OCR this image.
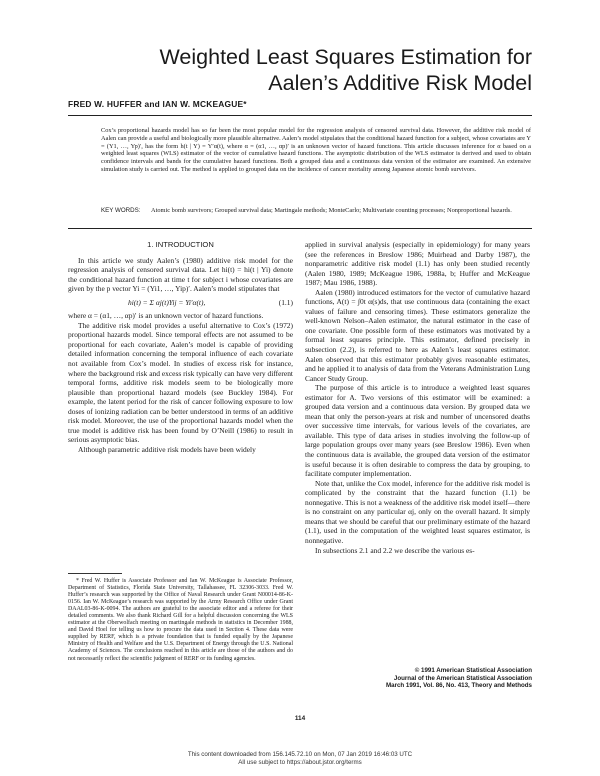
Weighted Least Squares Estimation for
Aalen’s Additive Risk Model

FRED W. HUFFER and IAN W. MCKEAGUE*

Cox’s proportional hazards model has so far been the most popular model for the regression analysis of censored survival data. However, the additive risk model of Aalen can provide a useful and biologically more plausible alternative. Aalen’s model stipulates that the conditional hazard function for a subject, whose covariates are Y = (Y1, …, Yp)′, has the form h(t | Y) = Y′α(t), where α = (α1, …, αp)′ is an unknown vector of hazard functions. This article discusses inference for α based on a weighted least squares (WLS) estimator of the vector of cumulative hazard functions. The asymptotic distribution of the WLS estimator is derived and used to obtain confidence intervals and bands for the cumulative hazard functions. Both a grouped data and a continuous data version of the estimator are examined. An extensive simulation study is carried out. The method is applied to grouped data on the incidence of cancer mortality among Japanese atomic bomb survivors.

KEY WORDS:	Atomic bomb survivors; Grouped survival data; Martingale methods; MonteCarlo; Multivariate counting processes; Nonproportional hazards.

1. INTRODUCTION

In this article we study Aalen’s (1980) additive risk model for the regression analysis of censored survival data. Let hi(t) = hi(t | Yi) denote the conditional hazard function at time t for subject i whose covariates are given by the p vector Yi = (Yi1, …, Yip)′. Aalen’s model stipulates that

hi(t) = Σ αj(t)Yij = Yi′α(t),	(1.1)

where α = (α1, …, αp)′ is an unknown vector of hazard functions.

The additive risk model provides a useful alternative to Cox’s (1972) proportional hazards model. Since temporal effects are not assumed to be proportional for each covariate, Aalen’s model is capable of providing detailed information concerning the temporal influence of each covariate not available from Cox’s model. In studies of excess risk for instance, where the background risk and excess risk typically can have very different temporal forms, additive risk models seem to be biologically more plausible than proportional hazard models (see Buckley 1984). For example, the latent period for the risk of cancer following exposure to low doses of ionizing radiation can be better understood in terms of an additive risk model. Moreover, the use of the proportional hazards model when the true model is additive risk has been found by O’Neill (1986) to result in serious asymptotic bias.

Although parametric additive risk models have been widely

applied in survival analysis (especially in epidemiology) for many years (see the references in Breslow 1986; Muirhead and Darby 1987), the nonparametric additive risk model (1.1) has only been studied recently (Aalen 1980, 1989; McKeague 1986, 1988a, b; Huffer and McKeague 1987; Mau 1986, 1988).

Aalen (1980) introduced estimators for the vector of cumulative hazard functions, A(t) = ∫0t α(s)ds, that use continuous data (containing the exact values of failure and censoring times). These estimators generalize the well-known Nelson–Aalen estimator, the natural estimator in the case of one covariate. One possible form of these estimators was motivated by a formal least squares principle. This estimator, defined precisely in subsection (2.2), is referred to here as Aalen’s least squares estimator. Aalen observed that this estimator probably gives reasonable estimates, and he applied it to analysis of data from the Veterans Administration Lung Cancer Study Group.

The purpose of this article is to introduce a weighted least squares estimator for A. Two versions of this estimator will be examined: a grouped data version and a continuous data version. By grouped data we mean that only the person-years at risk and number of uncensored deaths over successive time intervals, for various levels of the covariates, are available. This type of data arises in studies involving the follow-up of large population groups over many years (see Breslow 1986). Even when the continuous data is available, the grouped data version of the estimator is useful because it is often desirable to compress the data by grouping, to facilitate computer implementation.

Note that, unlike the Cox model, inference for the additive risk model is complicated by the constraint that the hazard function (1.1) be nonnegative. This is not a weakness of the additive risk model itself—there is no constraint on any particular αj, only on the overall hazard. It simply means that we should be careful that our preliminary estimate of the hazard (1.1), used in the computation of the weighted least squares estimator, is nonnegative.

In subsections 2.1 and 2.2 we describe the various es-

* Fred W. Huffer is Associate Professor and Ian W. McKeague is Associate Professor, Department of Statistics, Florida State University, Tallahassee, FL 32306-3033. Fred W. Huffer’s research was supported by the Office of Naval Research under Grant N00014-86-K-0156. Ian W. McKeague’s research was supported by the Army Research Office under Grant DAAL03-86-K-0094. The authors are grateful to the associate editor and a referee for their detailed comments. We also thank Richard Gill for a helpful discussion concerning the WLS estimator at the Oberwolfach meeting on martingale methods in statistics in December 1988, and David Hoel for telling us how to procure the data used in Section 4. These data were supplied by RERF, which is a private foundation that is funded equally by the Japanese Ministry of Health and Welfare and the U.S. Department of Energy through the U.S. National Academy of Sciences. The conclusions reached in this article are those of the authors and do not necessarily reflect the scientific judgment of RERF or its funding agencies.

© 1991 American Statistical Association
Journal of the American Statistical Association
March 1991, Vol. 86, No. 413, Theory and Methods
114
This content downloaded from 156.145.72.10 on Mon, 07 Jan 2019 16:46:03 UTC
All use subject to https://about.jstor.org/terms
